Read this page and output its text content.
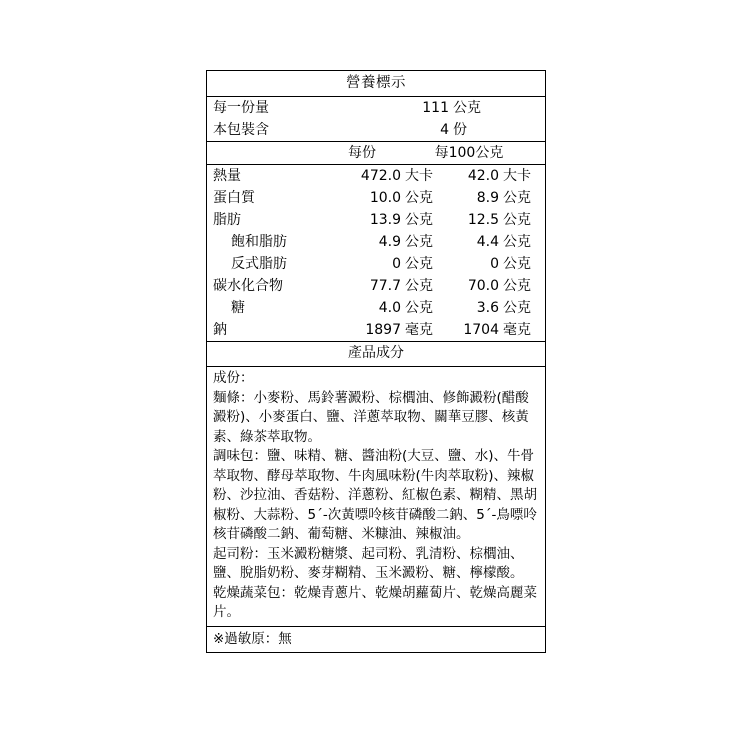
營養標示
每一份量	111	公克
本包裝含	4	份
	每份	每100公克
熱量	472.0	大卡	42.0	大卡
蛋白質	10.0	公克	8.9	公克
脂肪	13.9	公克	12.5	公克
飽和脂肪	4.9	公克	4.4	公克
反式脂肪	0	公克	0	公克
碳水化合物	77.7	公克	70.0	公克
糖	4.0	公克	3.6	公克
鈉	1897	毫克	1704	毫克
產品成分

成份：

麵條：小麥粉、馬鈴薯澱粉、棕櫚油、修飾澱粉(醋酸澱粉)、小麥蛋白、鹽、洋蔥萃取物、關華豆膠、核黃素、綠茶萃取物。

調味包：鹽、味精、糖、醬油粉(大豆、鹽、水)、牛骨萃取物、酵母萃取物、牛肉風味粉(牛肉萃取粉)、辣椒粉、沙拉油、香菇粉、洋蔥粉、紅椒色素、糊精、黑胡椒粉、大蒜粉、5´-次黃嘌呤核苷磷酸二鈉、5´-鳥嘌呤核苷磷酸二鈉、葡萄糖、米糠油、辣椒油。

起司粉：玉米澱粉糖漿、起司粉、乳清粉、棕櫚油、鹽、脫脂奶粉、麥芽糊精、玉米澱粉、糖、檸檬酸。

乾燥蔬菜包：乾燥青蔥片、乾燥胡蘿蔔片、乾燥高麗菜片。

※過敏原：無
